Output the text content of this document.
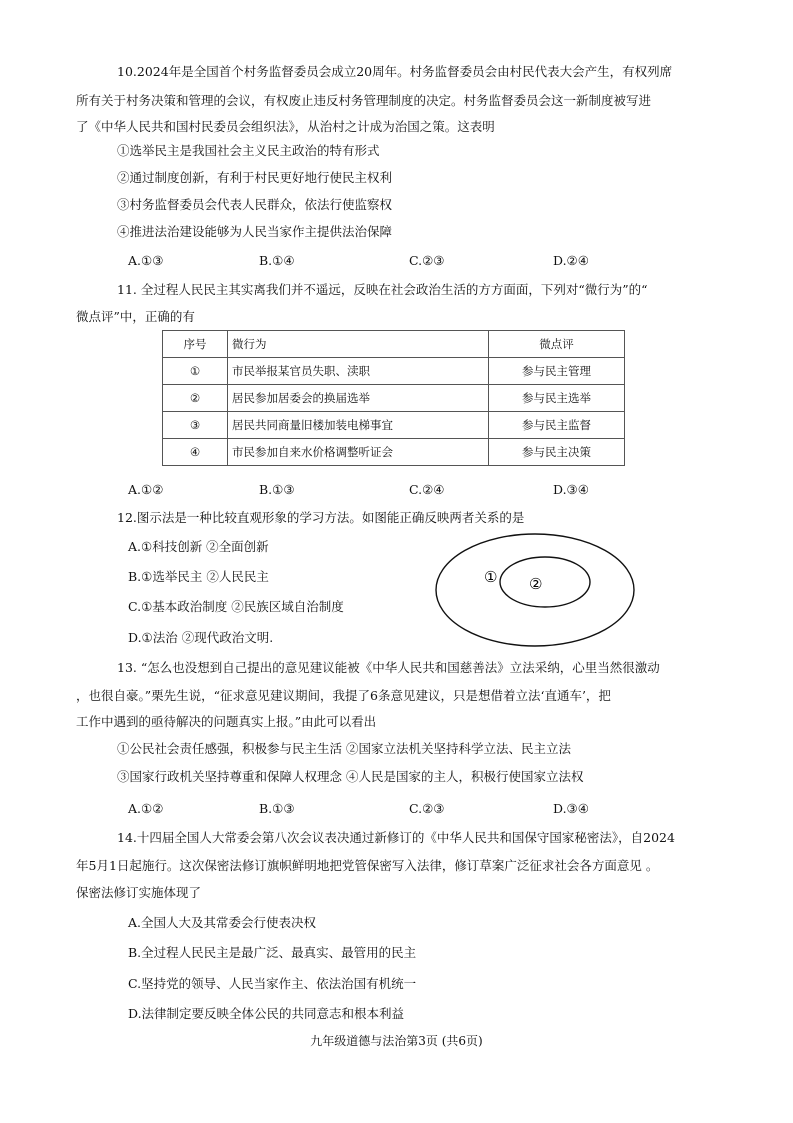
10.2024年是全国首个村务监督委员会成立20周年。村务监督委员会由村民代表大会产生，有权列席
所有关于村务决策和管理的会议，有权废止违反村务管理制度的决定。村务监督委员会这一新制度被写进
了《中华人民共和国村民委员会组织法》，从治村之计成为治国之策。这表明
①选举民主是我国社会主义民主政治的特有形式
②通过制度创新，有利于村民更好地行使民主权利
③村务监督委员会代表人民群众，依法行使监察权
④推进法治建设能够为人民当家作主提供法治保障
A.①③	B.①④	C.②③	D.②④
11. 全过程人民民主其实离我们并不遥远，反映在社会政治生活的方方面面，下列对“微行为”的“
微点评”中，正确的有
序号	微行为	微点评
①	市民举报某官员失职、渎职	参与民主管理
②	居民参加居委会的换届选举	参与民主选举
③	居民共同商量旧楼加装电梯事宜	参与民主监督
④	市民参加自来水价格调整听证会	参与民主决策
A.①②	B.①③	C.②④	D.③④
12.图示法是一种比较直观形象的学习方法。如图能正确反映两者关系的是
A.①科技创新 ②全面创新
B.①选举民主 ②人民民主
C.①基本政治制度 ②民族区域自治制度
D.①法治 ②现代政治文明.
① ②
13. “怎么也没想到自己提出的意见建议能被《中华人民共和国慈善法》立法采纳，心里当然很激动
，也很自豪。”栗先生说，“征求意见建议期间，我提了6条意见建议，只是想借着立法‘直通车’，把
工作中遇到的亟待解决的问题真实上报。”由此可以看出
①公民社会责任感强，积极参与民主生活 ②国家立法机关坚持科学立法、民主立法
③国家行政机关坚持尊重和保障人权理念 ④人民是国家的主人，积极行使国家立法权
A.①②	B.①③	C.②③	D.③④
14.十四届全国人大常委会第八次会议表决通过新修订的《中华人民共和国保守国家秘密法》，自2024
年5月1日起施行。这次保密法修订旗帜鲜明地把党管保密写入法律，修订草案广泛征求社会各方面意见 。
保密法修订实施体现了
A.全国人大及其常委会行使表决权
B.全过程人民民主是最广泛、最真实、最管用的民主
C.坚持党的领导、人民当家作主、依法治国有机统一
D.法律制定要反映全体公民的共同意志和根本利益
九年级道德与法治第3页 (共6页)
